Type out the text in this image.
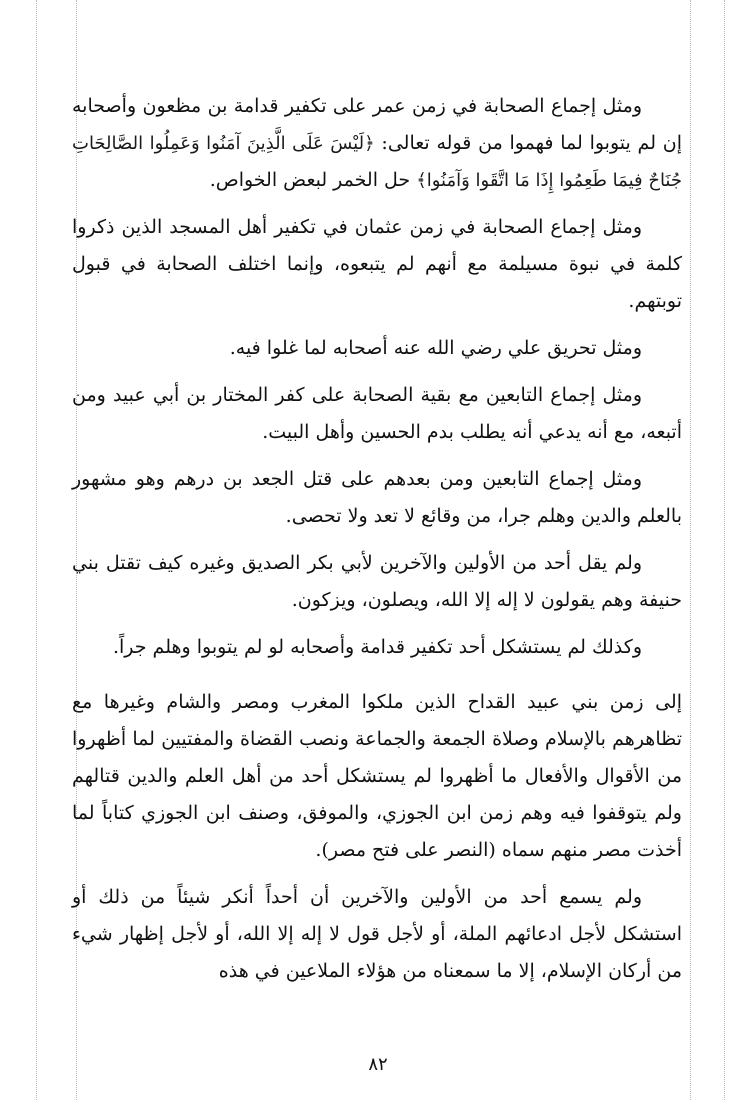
ومثل إجماع الصحابة في زمن عمر على تكفير قدامة بن مظعون وأصحابه إن لم يتوبوا لما فهموا من قوله تعالى: ﴿لَيْسَ عَلَى الَّذِينَ آمَنُوا وَعَمِلُوا الصَّالِحَاتِ جُنَاحٌ فِيمَا طَعِمُوا إِذَا مَا اتَّقَوا وَآمَنُوا﴾ حل الخمر لبعض الخواص.

ومثل إجماع الصحابة في زمن عثمان في تكفير أهل المسجد الذين ذكروا كلمة في نبوة مسيلمة مع أنهم لم يتبعوه، وإنما اختلف الصحابة في قبول توبتهم.

ومثل تحريق علي رضي الله عنه أصحابه لما غلوا فيه.

ومثل إجماع التابعين مع بقية الصحابة على كفر المختار بن أبي عبيد ومن أتبعه، مع أنه يدعي أنه يطلب بدم الحسين وأهل البيت.

ومثل إجماع التابعين ومن بعدهم على قتل الجعد بن درهم وهو مشهور بالعلم والدين وهلم جرا، من وقائع لا تعد ولا تحصى.

ولم يقل أحد من الأولين والآخرين لأبي بكر الصديق وغيره كيف تقتل بني حنيفة وهم يقولون لا إله إلا الله، ويصلون، ويزكون.

وكذلك لم يستشكل أحد تكفير قدامة وأصحابه لو لم يتوبوا وهلم جراً.

إلى زمن بني عبيد القداح الذين ملكوا المغرب ومصر والشام وغيرها مع تظاهرهم بالإسلام وصلاة الجمعة والجماعة ونصب القضاة والمفتيين لما أظهروا من الأقوال والأفعال ما أظهروا لم يستشكل أحد من أهل العلم والدين قتالهم ولم يتوقفوا فيه وهم زمن ابن الجوزي، والموفق، وصنف ابن الجوزي كتاباً لما أخذت مصر منهم سماه (النصر على فتح مصر).

ولم يسمع أحد من الأولين والآخرين أن أحداً أنكر شيئاً من ذلك أو استشكل لأجل ادعائهم الملة، أو لأجل قول لا إله إلا الله، أو لأجل إظهار شيء من أركان الإسلام، إلا ما سمعناه من هؤلاء الملاعين في هذه

٨٢
